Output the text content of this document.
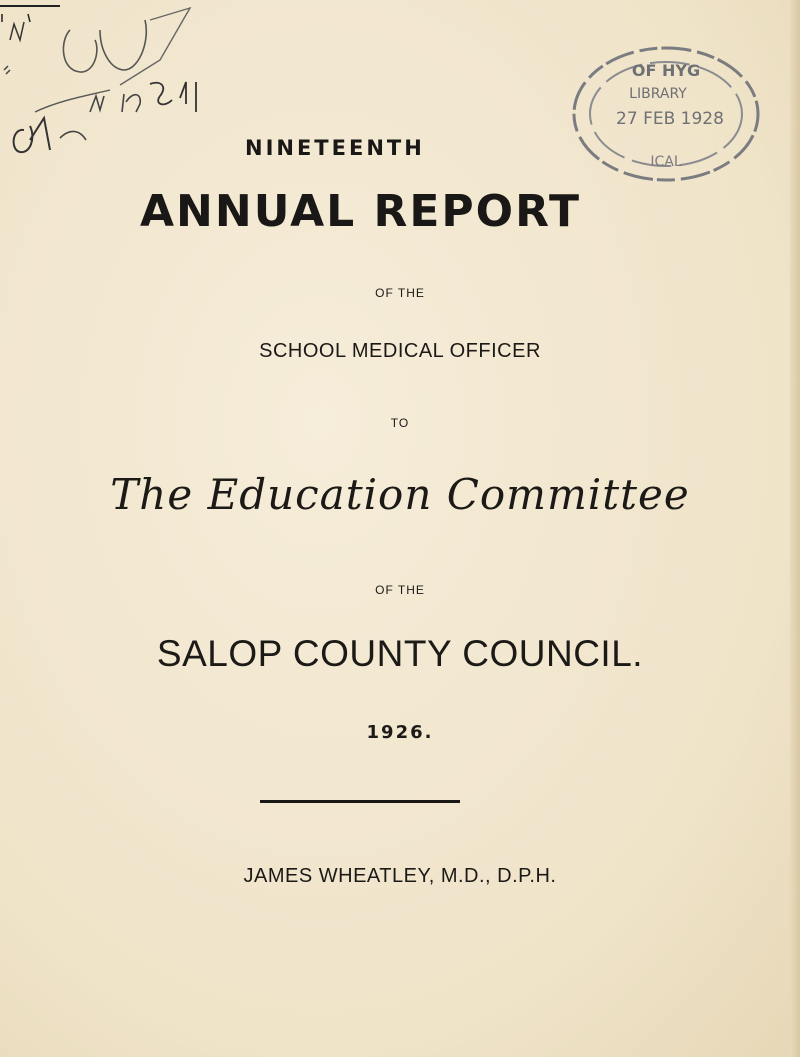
OF HYG
LIBRARY
27 FEB 1928
ICAL
NINETEENTH
ANNUAL REPORT
OF THE
SCHOOL MEDICAL OFFICER
TO
The Education Committee
OF THE
SALOP COUNTY COUNCIL.
1926.
JAMES WHEATLEY, M.D., D.P.H.
